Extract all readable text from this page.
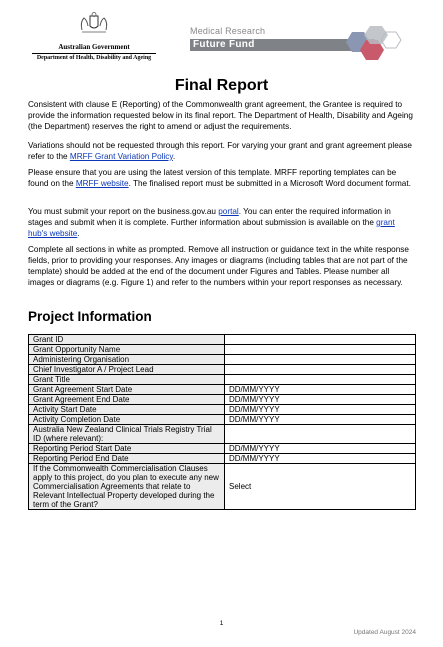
Australian Government
Department of Health, Disability and Ageing
Medical Research
Future Fund
Final Report

Consistent with clause E (Reporting) of the Commonwealth grant agreement, the Grantee is required to provide the information requested below in its final report. The Department of Health, Disability and Ageing (the Department) reserves the right to amend or adjust the requirements.

Variations should not be requested through this report. For varying your grant and grant agreement please refer to the MRFF Grant Variation Policy.

Please ensure that you are using the latest version of this template. MRFF reporting templates can be found on the MRFF website. The finalised report must be submitted in a Microsoft Word document format.

You must submit your report on the business.gov.au portal. You can enter the required information in stages and submit when it is complete. Further information about submission is available on the grant hub's website.

Complete all sections in white as prompted. Remove all instruction or guidance text in the white response fields, prior to providing your responses. Any images or diagrams (including tables that are not part of the template) should be added at the end of the document under Figures and Tables. Please number all images or diagrams (e.g. Figure 1) and refer to the numbers within your report responses as necessary.

Project Information
Grant ID	
Grant Opportunity Name	
Administering Organisation	
Chief Investigator A / Project Lead	
Grant Title	
Grant Agreement Start Date	DD/MM/YYYY
Grant Agreement End Date	DD/MM/YYYY
Activity Start Date	DD/MM/YYYY
Activity Completion Date	DD/MM/YYYY
Australia New Zealand Clinical Trials Registry Trial ID (where relevant):	
Reporting Period Start Date	DD/MM/YYYY
Reporting Period End Date	DD/MM/YYYY
If the Commonwealth Commercialisation Clauses apply to this project, do you plan to execute any new Commercialisation Agreements that relate to Relevant Intellectual Property developed during the term of the Grant?	Select
1
Updated August 2024
